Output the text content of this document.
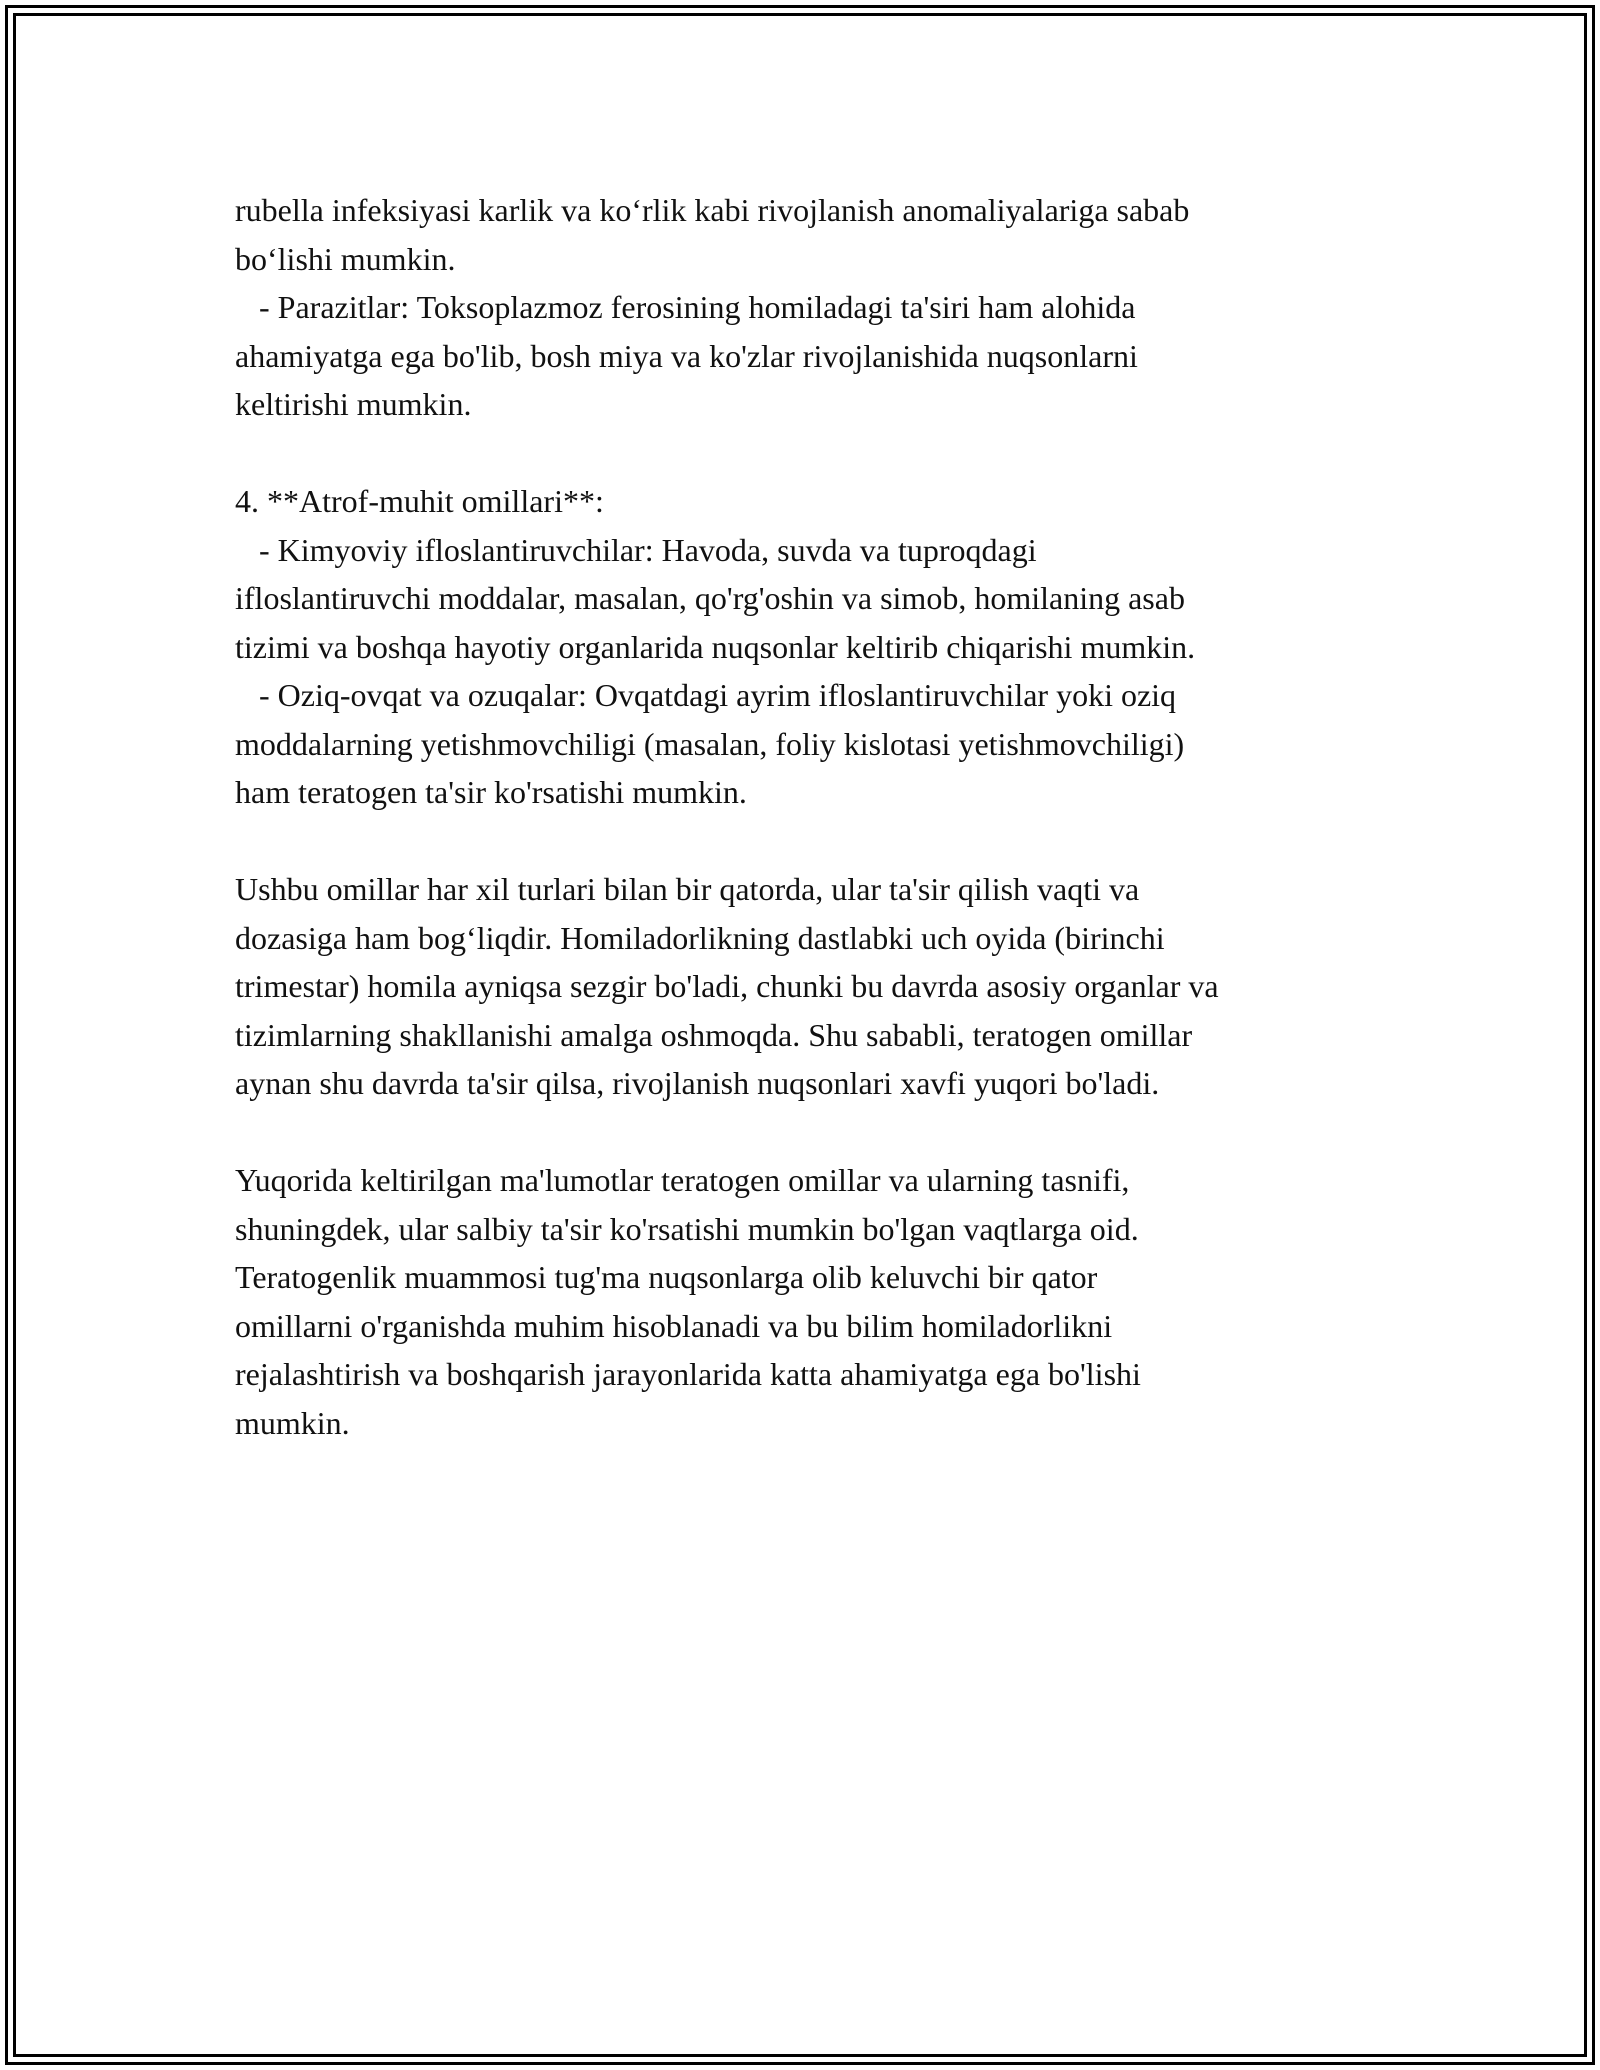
rubella infeksiyasi karlik va ko‘rlik kabi rivojlanish anomaliyalariga sabab
bo‘lishi mumkin.
- Parazitlar: Toksoplazmoz ferosining homiladagi ta'siri ham alohida
ahamiyatga ega bo'lib, bosh miya va ko'zlar rivojlanishida nuqsonlarni
keltirishi mumkin.
4. **Atrof-muhit omillari**:
- Kimyoviy ifloslantiruvchilar: Havoda, suvda va tuproqdagi
ifloslantiruvchi moddalar, masalan, qo'rg'oshin va simob, homilaning asab
tizimi va boshqa hayotiy organlarida nuqsonlar keltirib chiqarishi mumkin.
- Oziq-ovqat va ozuqalar: Ovqatdagi ayrim ifloslantiruvchilar yoki oziq
moddalarning yetishmovchiligi (masalan, foliy kislotasi yetishmovchiligi)
ham teratogen ta'sir ko'rsatishi mumkin.
Ushbu omillar har xil turlari bilan bir qatorda, ular ta'sir qilish vaqti va
dozasiga ham bog‘liqdir. Homiladorlikning dastlabki uch oyida (birinchi
trimestar) homila ayniqsa sezgir bo'ladi, chunki bu davrda asosiy organlar va
tizimlarning shakllanishi amalga oshmoqda. Shu sababli, teratogen omillar
aynan shu davrda ta'sir qilsa, rivojlanish nuqsonlari xavfi yuqori bo'ladi.
Yuqorida keltirilgan ma'lumotlar teratogen omillar va ularning tasnifi,
shuningdek, ular salbiy ta'sir ko'rsatishi mumkin bo'lgan vaqtlarga oid.
Teratogenlik muammosi tug'ma nuqsonlarga olib keluvchi bir qator
omillarni o'rganishda muhim hisoblanadi va bu bilim homiladorlikni
rejalashtirish va boshqarish jarayonlarida katta ahamiyatga ega bo'lishi
mumkin.
